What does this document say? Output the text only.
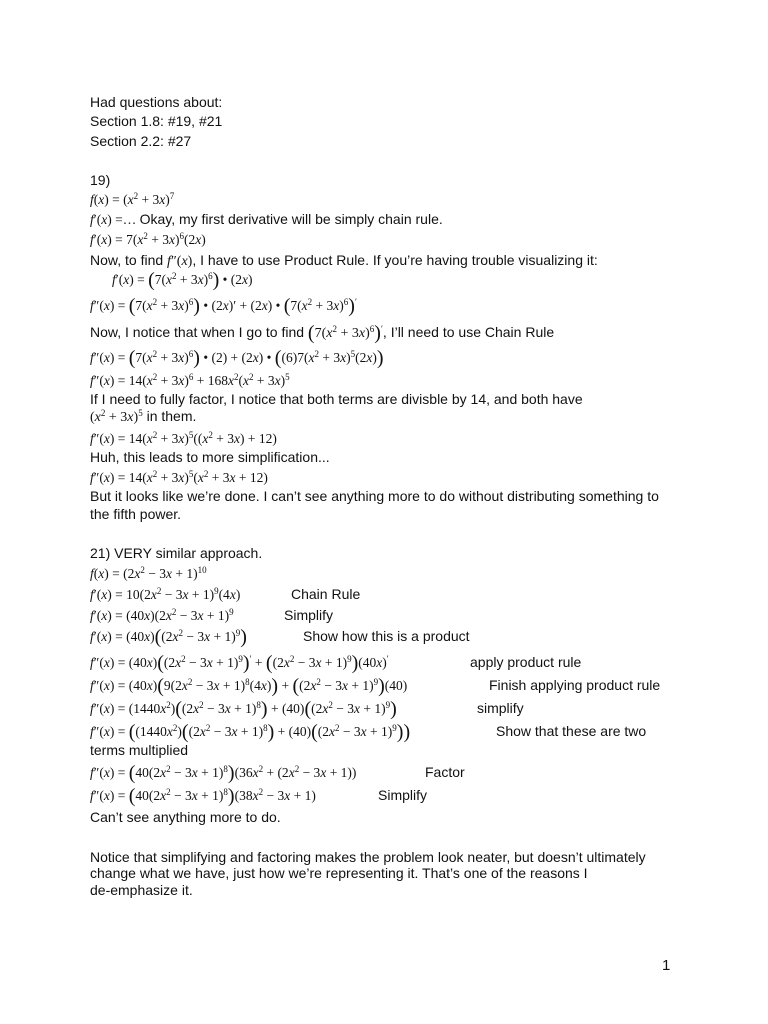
Had questions about:
Section 1.8: #19, #21
Section 2.2: #27
19)
$f(x) = (x^2 + 3x)^7$
f′(x) =… Okay, my first derivative will be simply chain rule.
$f'(x) = 7(x^2 + 3x)^6(2x)$
Now, to find f″(x), I have to use Product Rule. If you’re having trouble visualizing it:
$f'(x) = (7(x^2 + 3x)^6)$ • (2x)
$f''(x) = (7(x^2 + 3x)^6)$ • (2x)′ + (2x) • $(7(x^2 + 3x)^6)'$
Now, I notice that when I go to find $(7(x^2 + 3x)^6)'$, I’ll need to use Chain Rule
$f''(x) = (7(x^2 + 3x)^6)$ • (2) + (2x) • $((6)7(x^2 + 3x)^5(2x))$
$f''(x) = 14(x^2 + 3x)^6 + 168x^2(x^2 + 3x)^5$
If I need to fully factor, I notice that both terms are divisble by 14, and both have
$(x^2 + 3x)^5$ in them.
$f''(x) = 14(x^2 + 3x)^5((x^2 + 3x) + 12)$
Huh, this leads to more simplification...
$f''(x) = 14(x^2 + 3x)^5(x^2 + 3x + 12)$
But it looks like we’re done. I can’t see anything more to do without distributing something to
the fifth power.
21) VERY similar approach.
$f(x) = (2x^2 - 3x + 1)^{10}$
$f'(x) = 10(2x^2 - 3x + 1)^9(4x)$	Chain Rule
$f'(x) = (40x)(2x^2 - 3x + 1)^9$	Simplify
$f'(x) = (40x)((2x^2 - 3x + 1)^9)$	Show how this is a product
$f''(x) = (40x)((2x^2 - 3x + 1)^9)' + ((2x^2 - 3x + 1)^9)(40x)'$	apply product rule
$f''(x) = (40x)(9(2x^2 - 3x + 1)^8(4x)) + ((2x^2 - 3x + 1)^9)(40)$	Finish applying product rule
$f''(x) = (1440x^2)((2x^2 - 3x + 1)^8) + (40)((2x^2 - 3x + 1)^9)$	simplify
$f''(x) = ((1440x^2)((2x^2 - 3x + 1)^8) + (40)((2x^2 - 3x + 1)^9))$	Show that these are two
terms multiplied
$f''(x) = (40(2x^2 - 3x + 1)^8)(36x^2 + (2x^2 - 3x + 1))$	Factor
$f''(x) = (40(2x^2 - 3x + 1)^8)(38x^2 - 3x + 1)$	Simplify
Can’t see anything more to do.
Notice that simplifying and factoring makes the problem look neater, but doesn’t ultimately
change what we have, just how we’re representing it. That’s one of the reasons I
de-emphasize it.
1
